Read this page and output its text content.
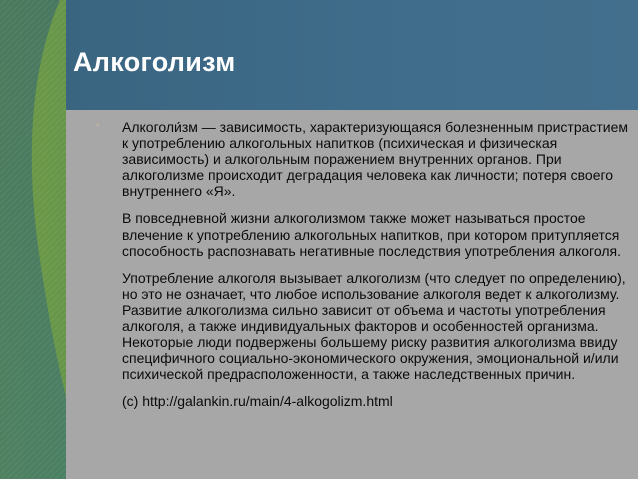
Алкоголизм

◦	Алкоголи́зм — зависимость, характеризующаяся болезненным пристрастием к употреблению алкогольных напитков (психическая и физическая зависимость) и алкогольным поражением внутренних органов. При алкоголизме происходит деградация человека как личности; потеря своего внутреннего «Я».

В повседневной жизни алкоголизмом также может называться простое влечение к употреблению алкогольных напитков, при котором притупляется способность распознавать негативные последствия употребления алкоголя.

Употребление алкоголя вызывает алкоголизм (что следует по определению), но это не означает, что любое использование алкоголя ведет к алкоголизму. Развитие алкоголизма сильно зависит от объема и частоты употребления алкоголя, а также индивидуальных факторов и особенностей организма. Некоторые люди подвержены большему риску развития алкоголизма ввиду специфичного социально-экономического окружения, эмоциональной и/или психической предрасположенности, а также наследственных причин.

(c) http://galankin.ru/main/4-alkogolizm.html
